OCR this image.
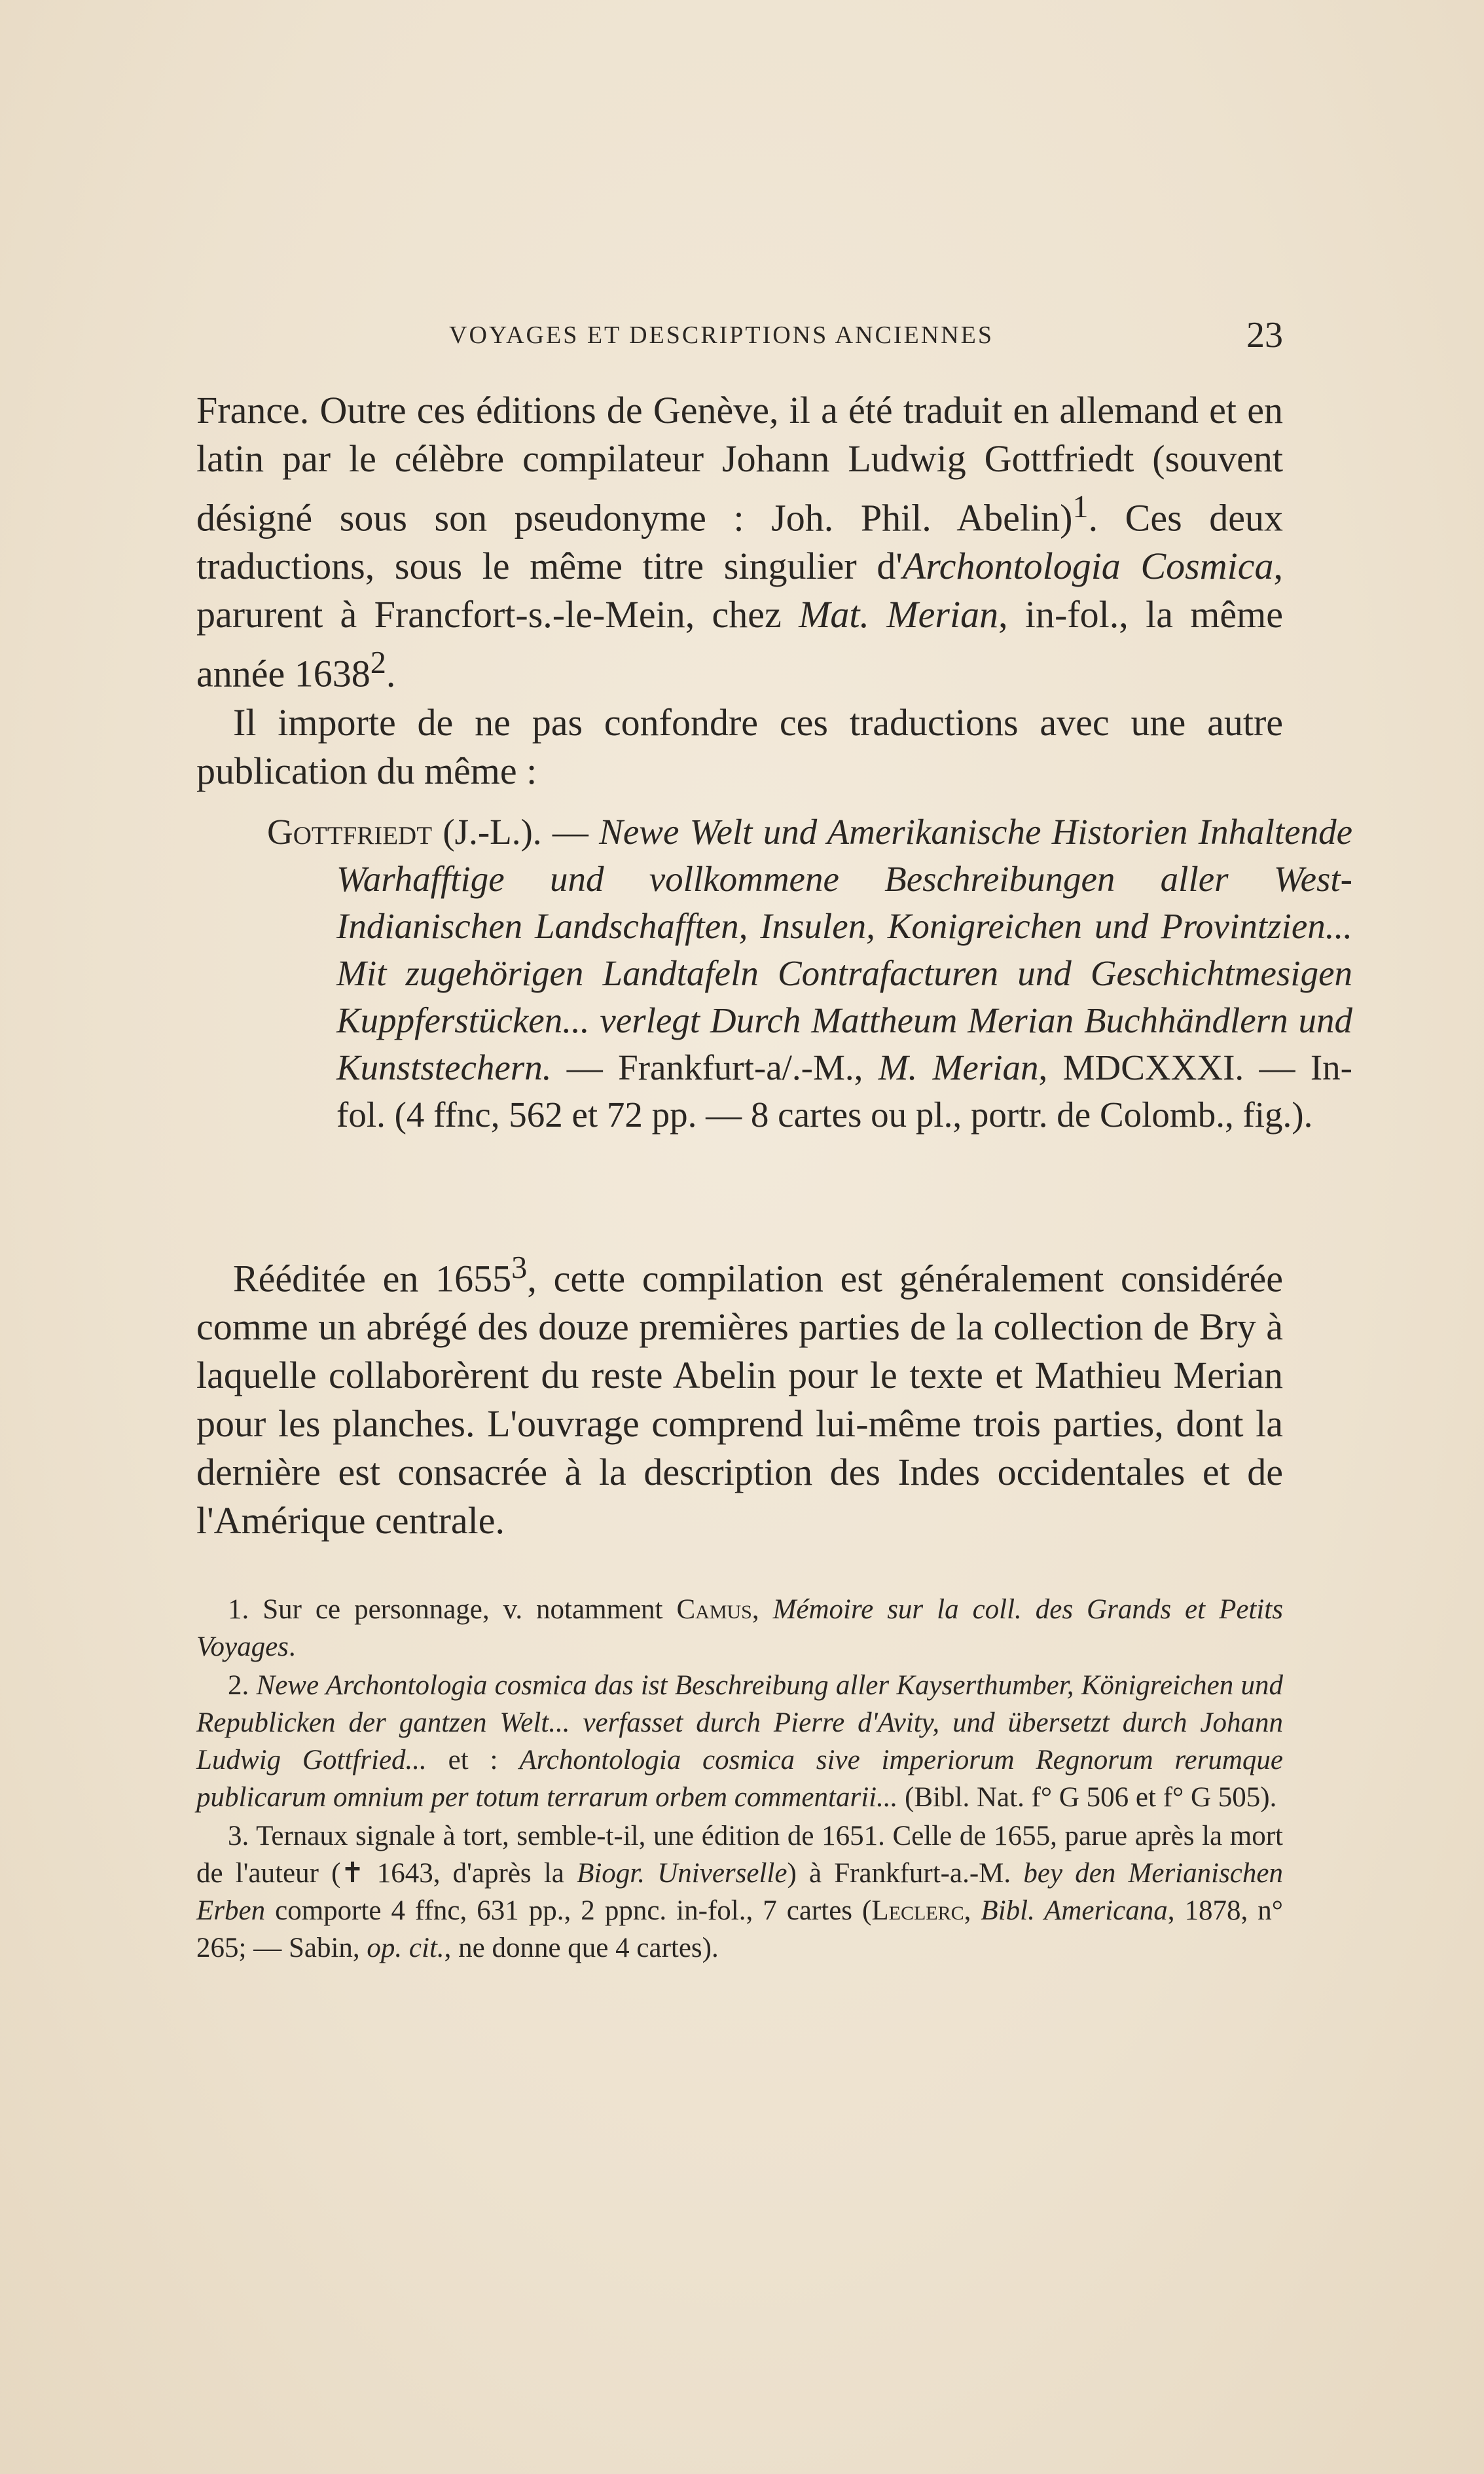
VOYAGES ET DESCRIPTIONS ANCIENNES	23

France. Outre ces éditions de Genève, il a été traduit en allemand et en latin par le célèbre compilateur Johann Ludwig Gottfriedt (souvent désigné sous son pseudonyme : Joh. Phil. Abelin)$^1$. Ces deux traductions, sous le même titre singulier d'Archontologia Cosmica, parurent à Francfort-s.-le-Mein, chez Mat. Merian, in-fol., la même année 1638$^2$.

Il importe de ne pas confondre ces traductions avec une autre publication du même :

Gottfriedt (J.-L.). — Newe Welt und Amerikanische Historien Inhaltende Warhafftige und vollkommene Beschreibungen aller West-Indianischen Landschafften, Insulen, Konigreichen und Provintzien... Mit zugehörigen Landtafeln Contrafacturen und Geschichtmesigen Kuppferstücken... verlegt Durch Mattheum Merian Buchhändlern und Kunststechern. — Frankfurt-a/.-M., M. Merian, MDCXXXI. — In-fol. (4 ffnc, 562 et 72 pp. — 8 cartes ou pl., portr. de Colomb., fig.).
Rééditée en 1655$^3$, cette compilation est généralement considérée comme un abrégé des douze premières parties de la collection de Bry à laquelle collaborèrent du reste Abelin pour le texte et Mathieu Merian pour les planches. L'ouvrage comprend lui-même trois parties, dont la dernière est consacrée à la description des Indes occidentales et de l'Amérique centrale.

1. Sur ce personnage, v. notamment Camus, Mémoire sur la coll. des Grands et Petits Voyages.

2. Newe Archontologia cosmica das ist Beschreibung aller Kayserthumber, Königreichen und Republicken der gantzen Welt... verfasset durch Pierre d'Avity, und übersetzt durch Johann Ludwig Gottfried... et : Archontologia cosmica sive imperiorum Regnorum rerumque publicarum omnium per totum terrarum orbem commentarii... (Bibl. Nat. f° G 506 et f° G 505).

3. Ternaux signale à tort, semble-t-il, une édition de 1651. Celle de 1655, parue après la mort de l'auteur (✝ 1643, d'après la Biogr. Universelle) à Frankfurt-a.-M. bey den Merianischen Erben comporte 4 ffnc, 631 pp., 2 ppnc. in-fol., 7 cartes (Leclerc, Bibl. Americana, 1878, n° 265; — Sabin, op. cit., ne donne que 4 cartes).
